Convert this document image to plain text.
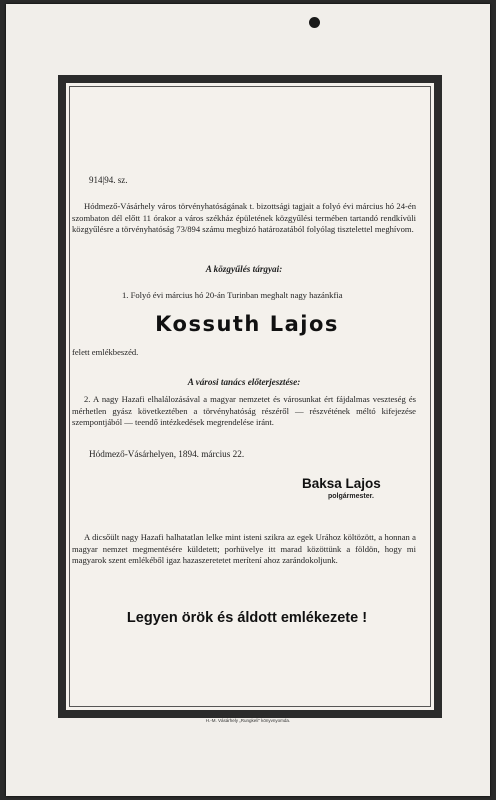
914|94. sz.
Hódmező-Vásárhely város törvényhatóságának t. bizottsági tagjait a folyó évi március hó 24-én szombaton dél előtt 11 órakor a város székház épületének közgyűlési termében tartandó rendkívüli közgyűlésre a törvényhatóság 73/894 számu megbizó határozatából folyólag tisztelettel meghívom.
A közgyűlés tárgyai:
1. Folyó évi március hó 20-án Turinban meghalt nagy hazánkfia
Kossuth Lajos
felett emlékbeszéd.
A városi tanács előterjesztése:
2. A nagy Hazafi elhalálozásával a magyar nemzetet és városunkat ért fájdalmas veszteség és mérhetlen gyász következtében a törvényhatóság részéről — részvétének méltó kifejezése szempontjából — teendő intézkedések megrendelése iránt.
Hódmező-Vásárhelyen, 1894. március 22.
Baksa Lajos
polgármester.
A dicsőült nagy Hazafi halhatatlan lelke mint isteni szikra az egek Urához költözött, a honnan a magyar nemzet megmentésére küldetett; porhüvelye itt marad közöttünk a földön, hogy mi magyarok szent emlékéből igaz hazaszeretetet merítení ahoz zarándokoljunk.
Legyen örök és áldott emlékezete !
H.-M. Vásárhely „Rungkeli" könyvnyomda.
